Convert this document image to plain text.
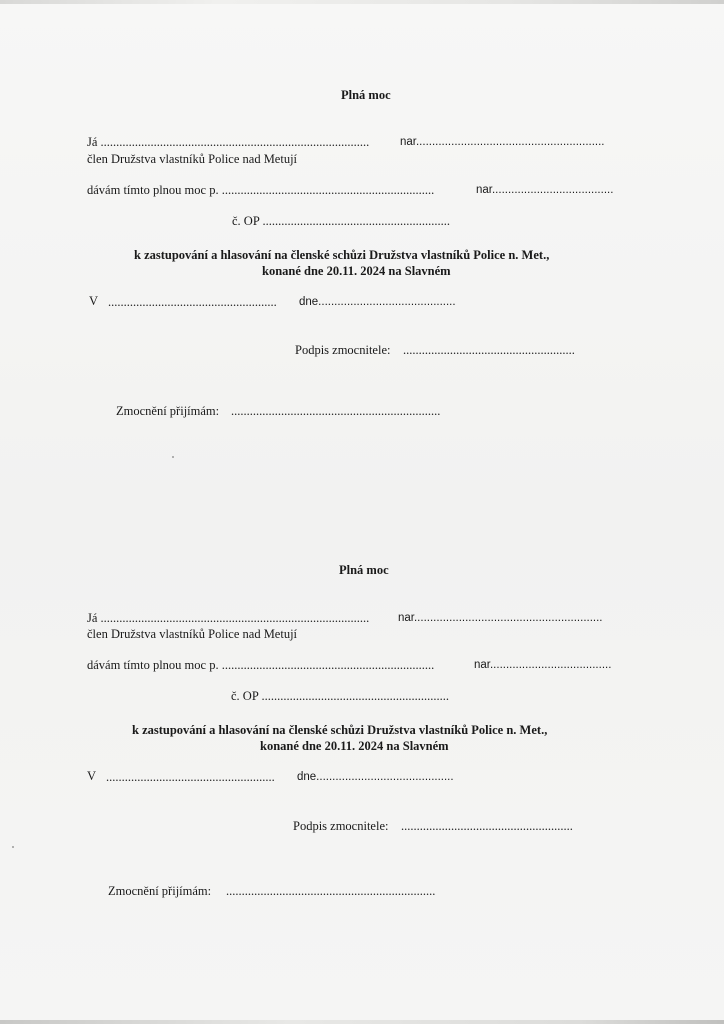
Plná moc
Já ......................................................................................	nar...........................................................
člen Družstva vlastníků Police nad Metují
dávám tímto plnou moc p. ....................................................................	nar......................................
č. OP ............................................................
k zastupování a hlasování na členské schůzi Družstva vlastníků Police n. Met.,
konané dne 20.11. 2024 na Slavném
V ...................................................... dne...........................................
Podpis zmocnitele: .......................................................
Zmocnění přijímám: ...................................................................
Plná moc
Já ...................................................................................... nar...........................................................
člen Družstva vlastníků Police nad Metují
dávám tímto plnou moc p. ....................................................................	nar......................................
č. OP ............................................................
k zastupování a hlasování na členské schůzi Družstva vlastníků Police n. Met.,
konané dne 20.11. 2024 na Slavném
V ...................................................... dne...........................................
Podpis zmocnitele: .......................................................
Zmocnění přijímám: ...................................................................
